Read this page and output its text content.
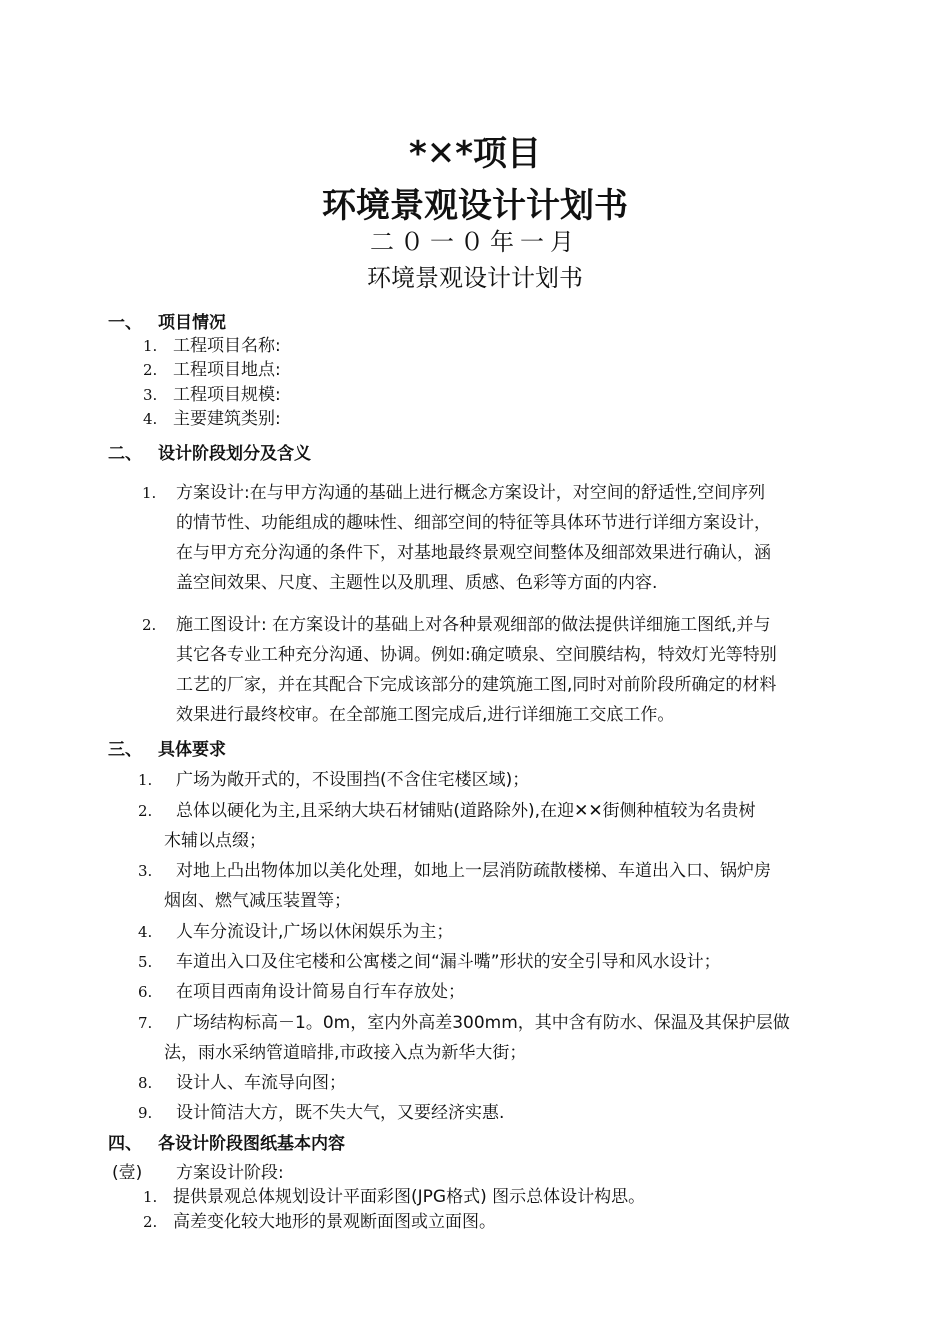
*✕*项目
环境景观设计计划书
二０一０年一月
环境景观设计计划书
一、 项目情况
1. 工程项目名称:
2. 工程项目地点:
3. 工程项目规模:
4. 主要建筑类别:
二、 设计阶段划分及含义
1. 方案设计:在与甲方沟通的基础上进行概念方案设计，对空间的舒适性,空间序列
的情节性、功能组成的趣味性、细部空间的特征等具体环节进行详细方案设计，
在与甲方充分沟通的条件下，对基地最终景观空间整体及细部效果进行确认，涵
盖空间效果、尺度、主题性以及肌理、质感、色彩等方面的内容.
2. 施工图设计: 在方案设计的基础上对各种景观细部的做法提供详细施工图纸,并与
其它各专业工种充分沟通、协调。例如:确定喷泉、空间膜结构，特效灯光等特别
工艺的厂家，并在其配合下完成该部分的建筑施工图,同时对前阶段所确定的材料
效果进行最终校审。在全部施工图完成后,进行详细施工交底工作。
三、 具体要求
1. 广场为敞开式的，不设围挡(不含住宅楼区域)；
2. 总体以硬化为主,且采纳大块石材铺贴(道路除外),在迎✕✕街侧种植较为名贵树
木辅以点缀；
3. 对地上凸出物体加以美化处理，如地上一层消防疏散楼梯、车道出入口、锅炉房
烟囱、燃气减压装置等；
4. 人车分流设计,广场以休闲娱乐为主；
5. 车道出入口及住宅楼和公寓楼之间“漏斗嘴”形状的安全引导和风水设计；
6. 在项目西南角设计简易自行车存放处；
7. 广场结构标高－1。0m，室内外高差300mm，其中含有防水、保温及其保护层做
法，雨水采纳管道暗排,市政接入点为新华大街；
8. 设计人、车流导向图；
9. 设计简洁大方，既不失大气，又要经济实惠.
四、 各设计阶段图纸基本内容
(壹) 方案设计阶段:
1. 提供景观总体规划设计平面彩图(JPG格式) 图示总体设计构思。
2. 高差变化较大地形的景观断面图或立面图。
